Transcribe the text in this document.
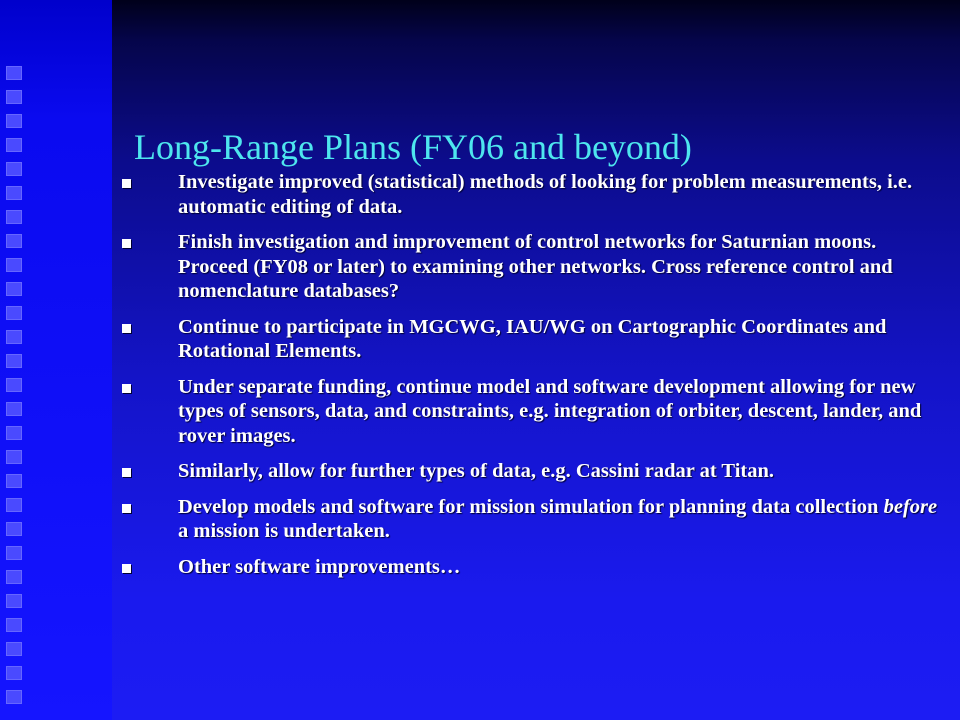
Long-Range Plans (FY06 and beyond)
Investigate improved (statistical) methods of looking for problem measurements, i.e. automatic editing of data.
Finish investigation and improvement of control networks for Saturnian moons. Proceed (FY08 or later) to examining other networks. Cross reference control and nomenclature databases?
Continue to participate in MGCWG, IAU/WG on Cartographic Coordinates and Rotational Elements.
Under separate funding, continue model and software development allowing for new types of sensors, data, and constraints, e.g. integration of orbiter, descent, lander, and rover images.
Similarly, allow for further types of data, e.g. Cassini radar at Titan.
Develop models and software for mission simulation for planning data collection before a mission is undertaken.
Other software improvements…
